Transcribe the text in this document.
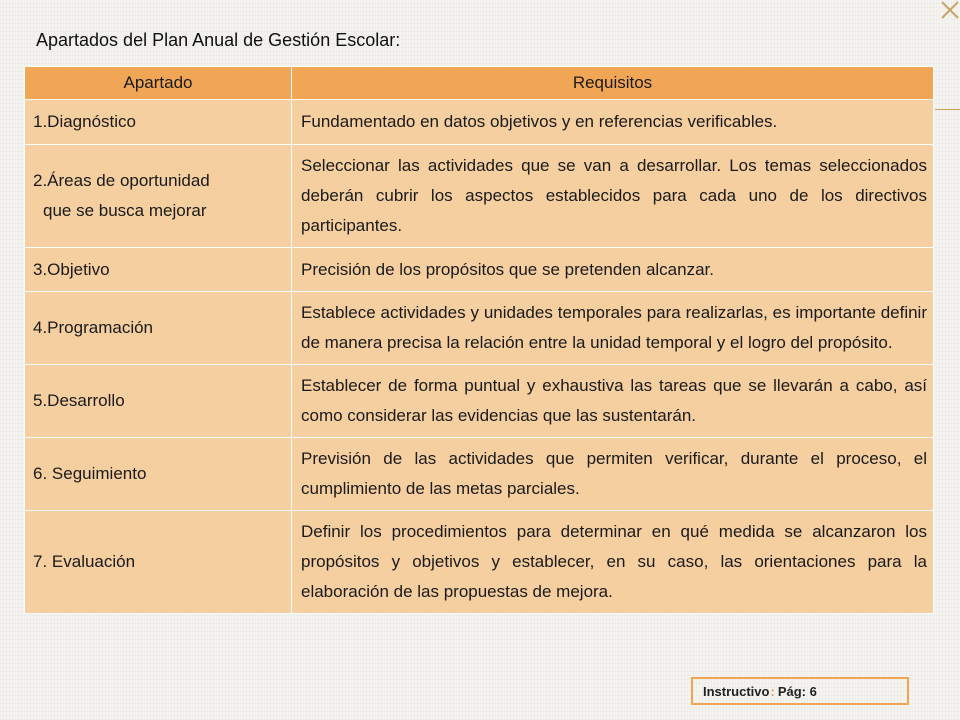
Apartados del Plan Anual de Gestión Escolar:
Apartado	Requisitos
1.Diagnóstico	Fundamentado en datos objetivos y en referencias verificables.
2.Áreas de oportunidad
que se busca mejorar	Seleccionar las actividades que se van a desarrollar. Los temas seleccionados deberán cubrir los aspectos establecidos para cada uno de los directivos participantes.
3.Objetivo	Precisión de los propósitos que se pretenden alcanzar.
4.Programación	Establece actividades y unidades temporales para realizarlas, es importante definir de manera precisa la relación entre la unidad temporal y el logro del propósito.
5.Desarrollo	Establecer de forma puntual y exhaustiva las tareas que se llevarán a cabo, así como considerar las evidencias que las sustentarán.
6. Seguimiento	Previsión de las actividades que permiten verificar, durante el proceso, el cumplimiento de las metas parciales.
7. Evaluación	Definir los procedimientos para determinar en qué medida se alcanzaron los propósitos y objetivos y establecer, en su caso, las orientaciones para la elaboración de las propuestas de mejora.
Instructivo : Pág: 6
